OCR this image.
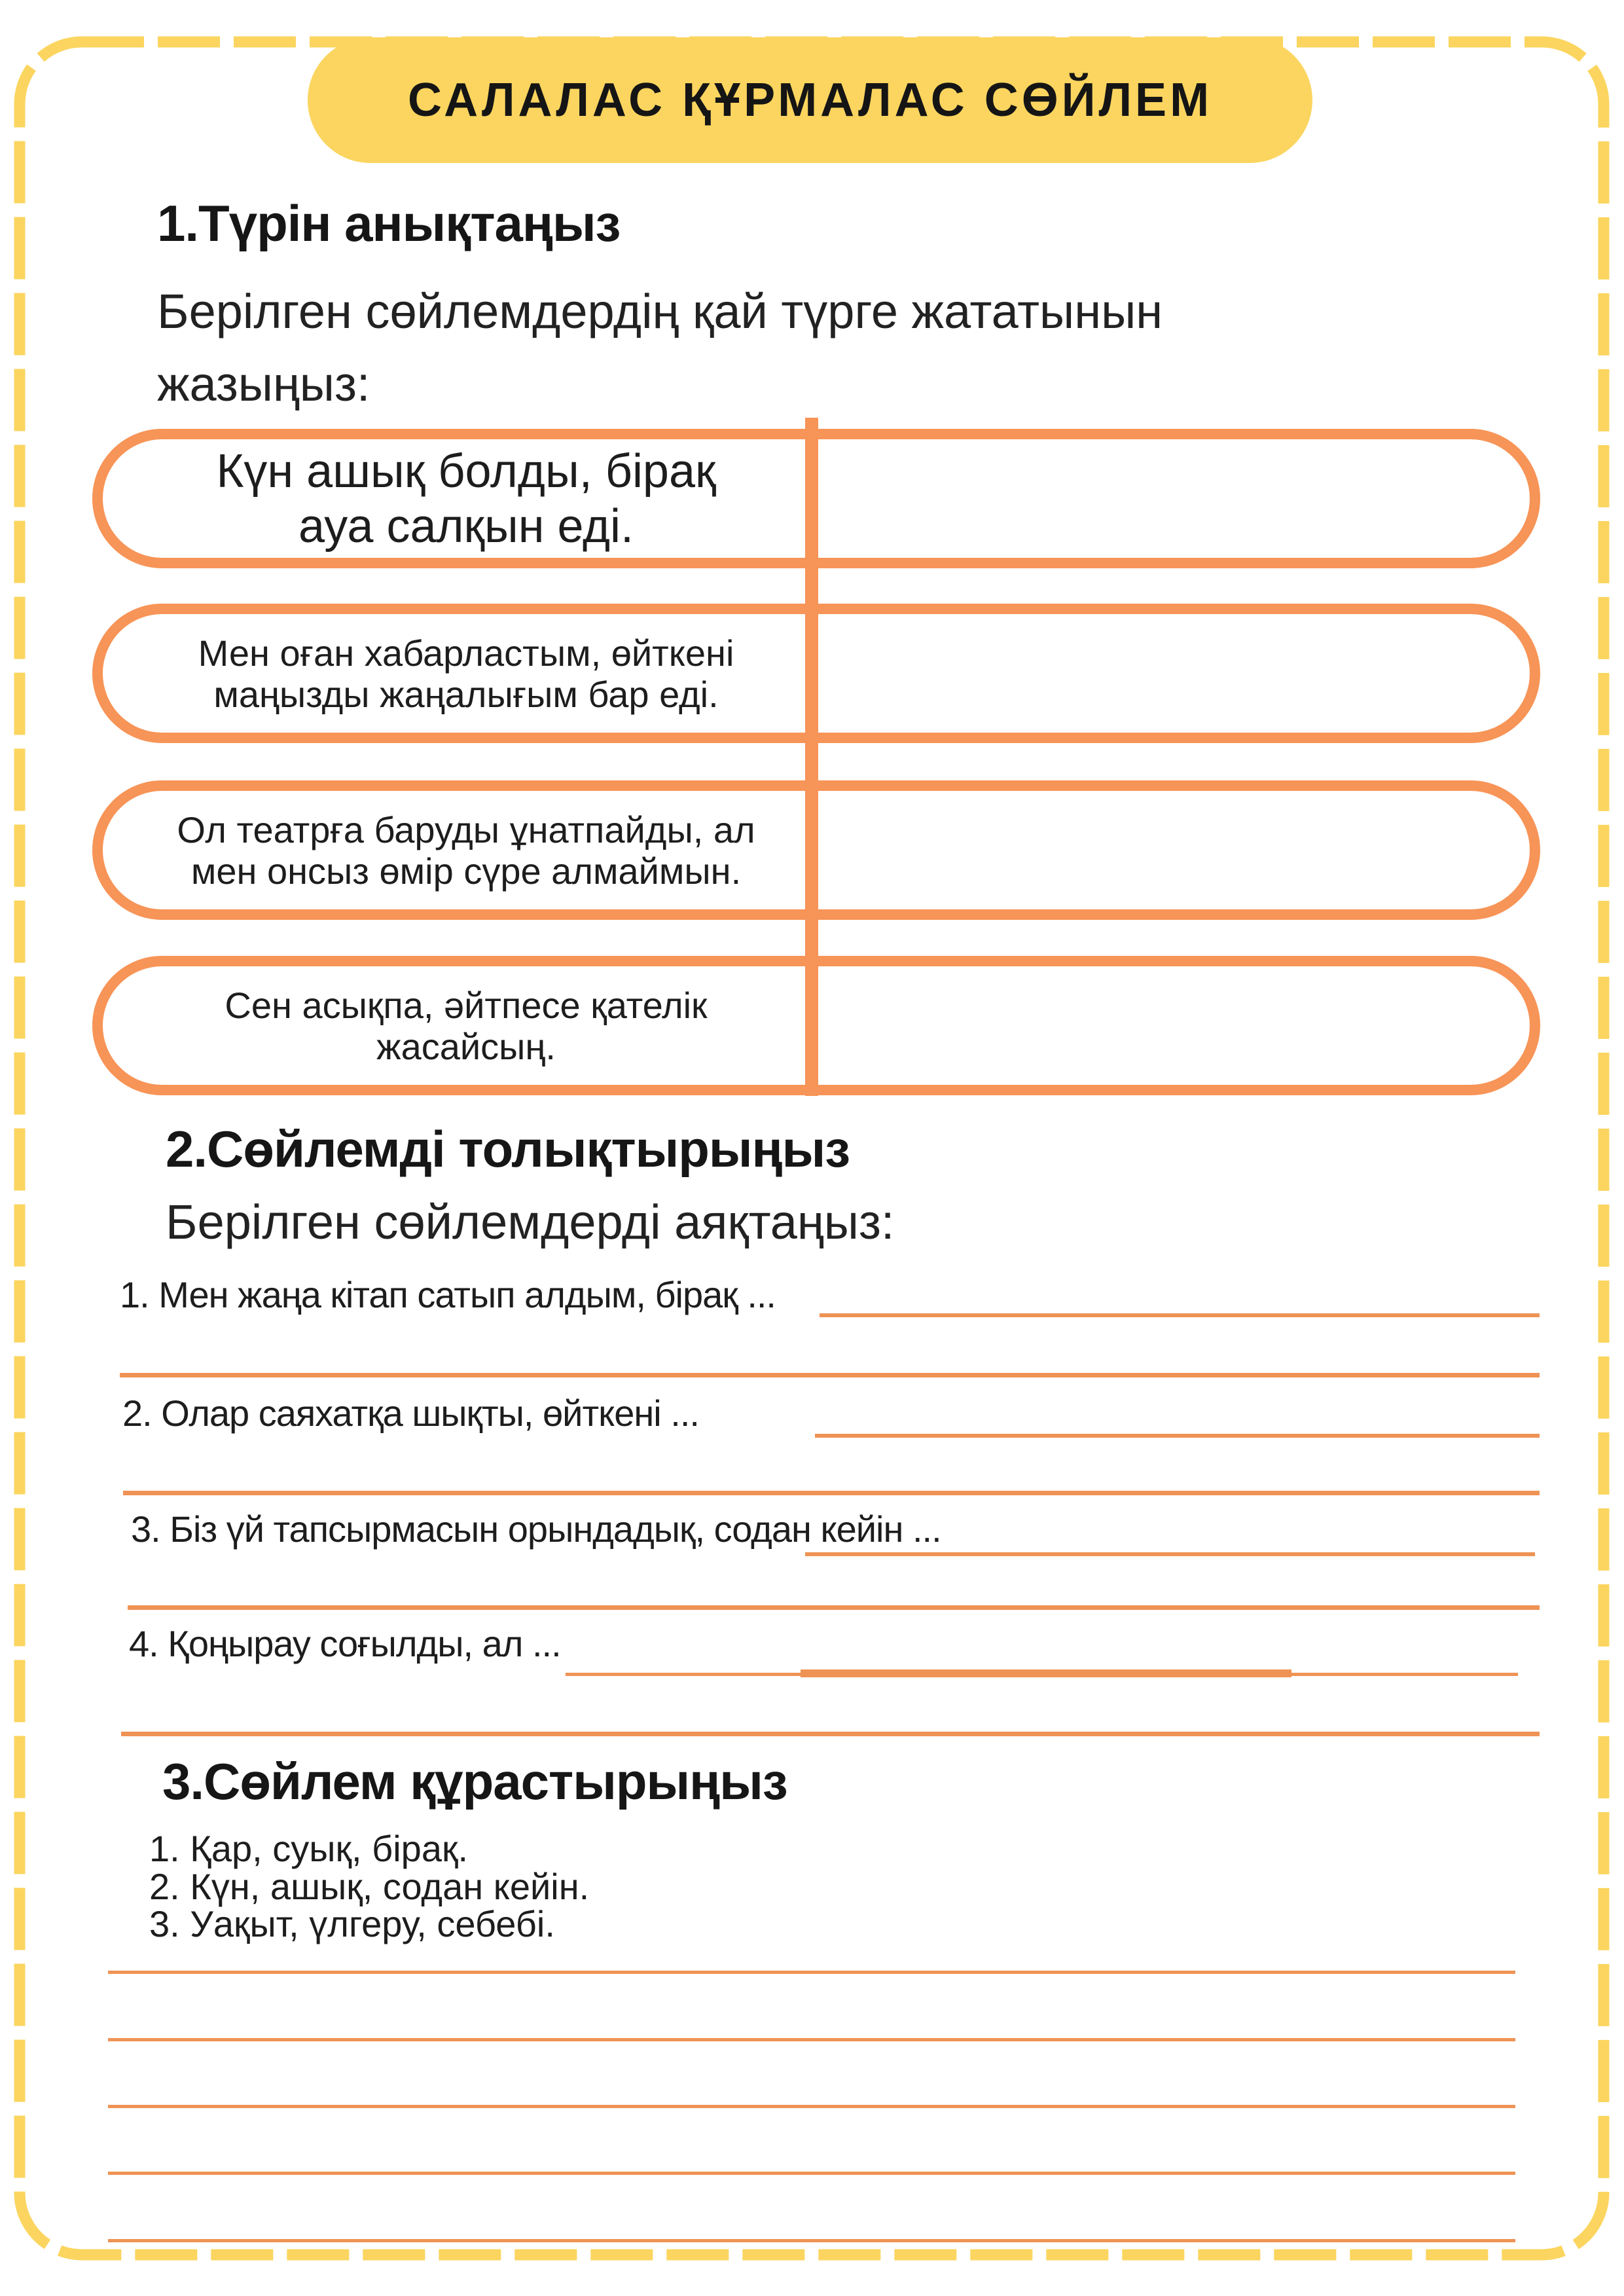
САЛАЛАС ҚҰРМАЛАС СӨЙЛЕМ
1.Түрін анықтаңыз
Берілген сөйлемдердің қай түрге жататынын
жазыңыз:
Күн ашық болды, бірақ
ауа салқын еді.
Мен оған хабарластым, өйткені
маңызды жаңалығым бар еді.
Ол театрға баруды ұнатпайды, ал
мен онсыз өмір сүре алмаймын.
Сен асықпа, әйтпесе қателік
жасайсың.
2.Сөйлемді толықтырыңыз
Берілген сөйлемдерді аяқтаңыз:
1. Мен жаңа кітап сатып алдым, бірақ ...
2. Олар саяхатқа шықты, өйткені ...
3. Біз үй тапсырмасын орындадық, содан кейін ...
4. Қоңырау соғылды, ал ...
3.Сөйлем құрастырыңыз
1. Қар, суық, бірақ.
2. Күн, ашық, содан кейін.
3. Уақыт, үлгеру, себебі.
